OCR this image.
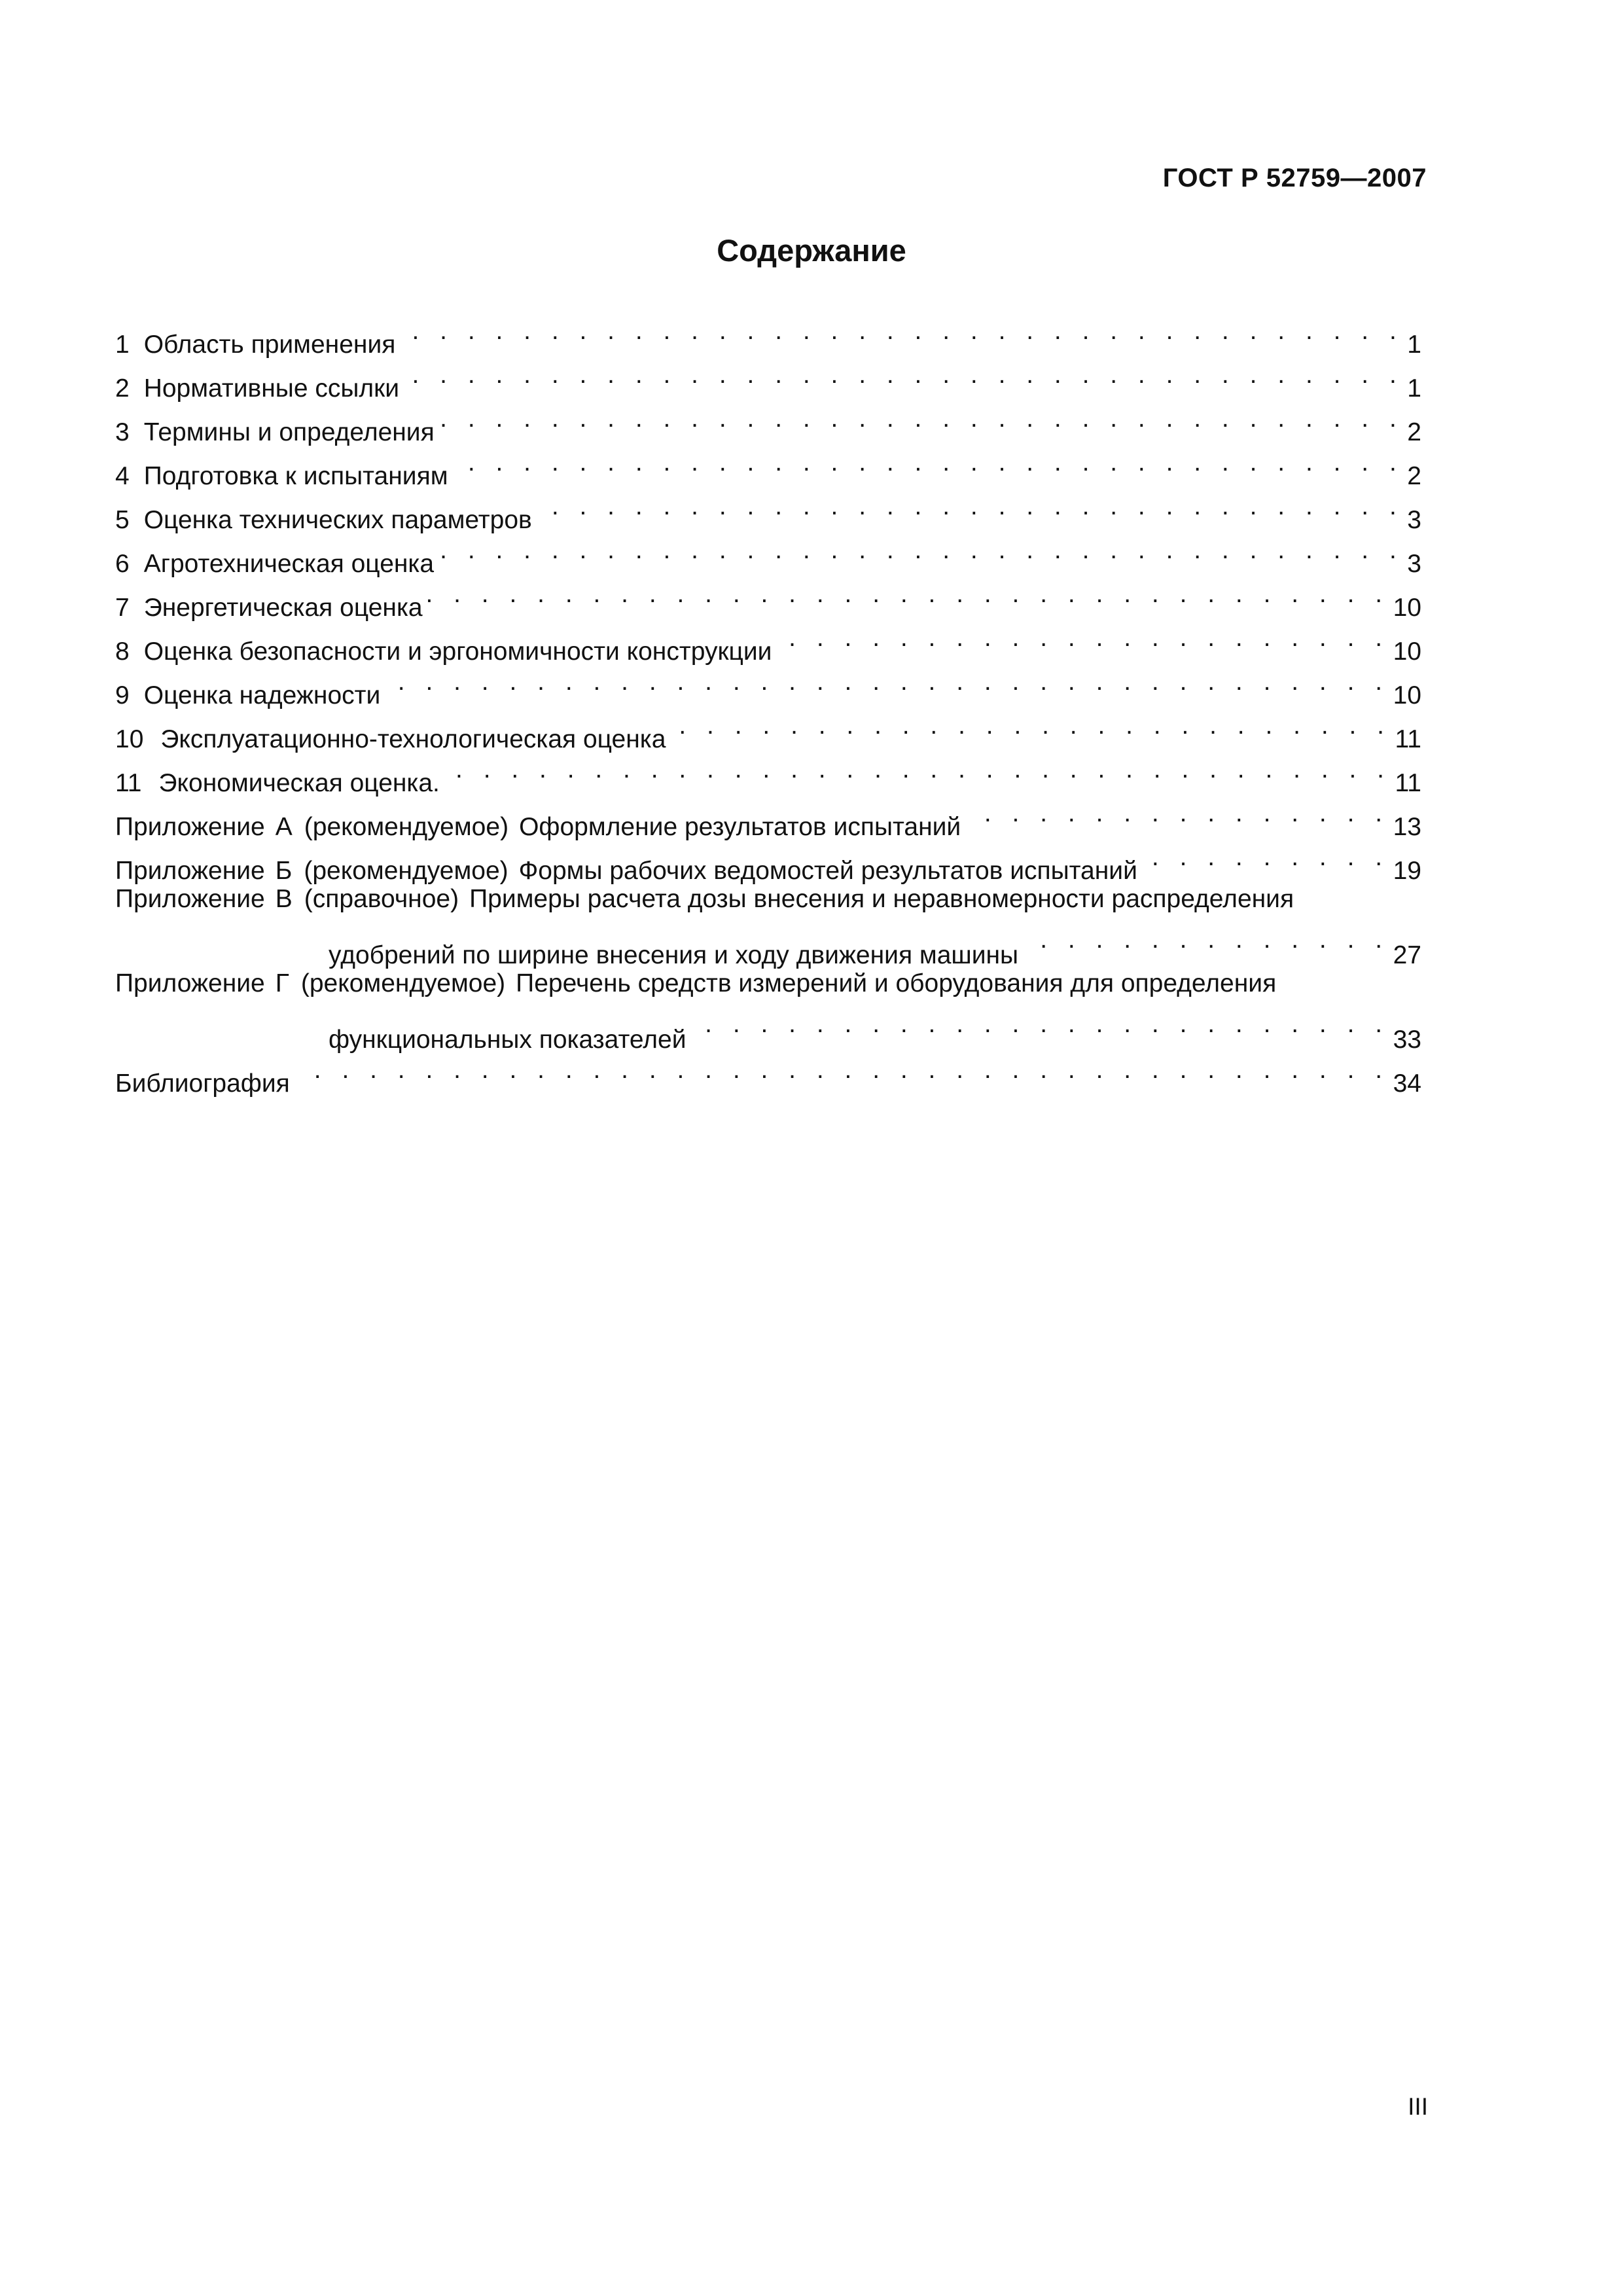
ГОСТ Р 52759—2007
Содержание
1 Область применения . . .	1
2 Нормативные ссылки . . .	1
3 Термины и определения . . .	2
4 Подготовка к испытаниям . . .	2
5 Оценка технических параметров . . .	3
6 Агротехническая оценка . . .	3
7 Энергетическая оценка . . .	10
8 Оценка безопасности и эргономичности конструкции . . .	10
9 Оценка надежности . . .	10
10 Эксплуатационно-технологическая оценка . . .	11
11 Экономическая оценка. . . .	11
Приложение А (рекомендуемое) Оформление результатов испытаний . . .	13
Приложение Б (рекомендуемое) Формы рабочих ведомостей результатов испытаний . . .	19
Приложение В (справочное) Примеры расчета дозы внесения и неравномерности распределения
удобрений по ширине внесения и ходу движения машины . . .	27
Приложение Г (рекомендуемое) Перечень средств измерений и оборудования для определения
функциональных показателей . . .	33
Библиография . . .	34
III
